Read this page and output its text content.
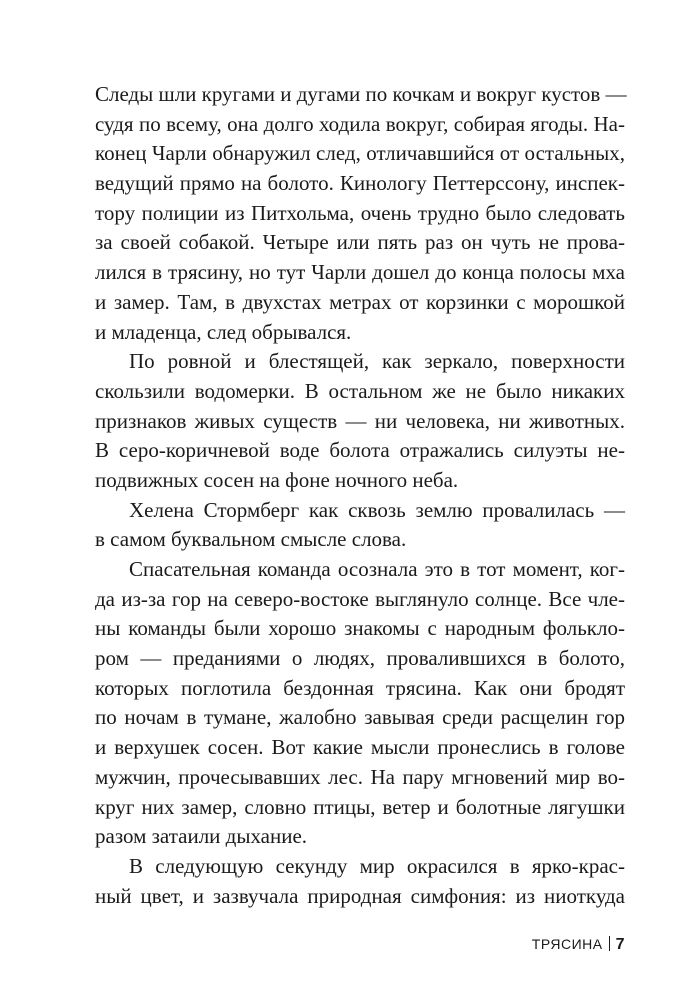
Следы шли кругами и дугами по кочкам и вокруг кустов —
судя по всему, она долго ходила вокруг, собирая ягоды. На-
конец Чарли обнаружил след, отличавшийся от остальных,
ведущий прямо на болото. Кинологу Петтерссону, инспек-
тору полиции из Питхольма, очень трудно было следовать
за своей собакой. Четыре или пять раз он чуть не прова-
лился в трясину, но тут Чарли дошел до конца полосы мха
и замер. Там, в двухстах метрах от корзинки с морошкой
и младенца, след обрывался.
По ровной и блестящей, как зеркало, поверхности
скользили водомерки. В остальном же не было никаких
признаков живых существ — ни человека, ни животных.
В серо-коричневой воде болота отражались силуэты не-
подвижных сосен на фоне ночного неба.
Хелена Стормберг как сквозь землю провалилась —
в самом буквальном смысле слова.
Спасательная команда осознала это в тот момент, ког-
да из-за гор на северо-востоке выглянуло солнце. Все чле-
ны команды были хорошо знакомы с народным фолькло-
ром — преданиями о людях, провалившихся в болото,
которых поглотила бездонная трясина. Как они бродят
по ночам в тумане, жалобно завывая среди расщелин гор
и верхушек сосен. Вот какие мысли пронеслись в голове
мужчин, прочесывавших лес. На пару мгновений мир во-
круг них замер, словно птицы, ветер и болотные лягушки
разом затаили дыхание.
В следующую секунду мир окрасился в ярко-крас-
ный цвет, и зазвучала природная симфония: из ниоткуда
ТРЯСИНА 7
